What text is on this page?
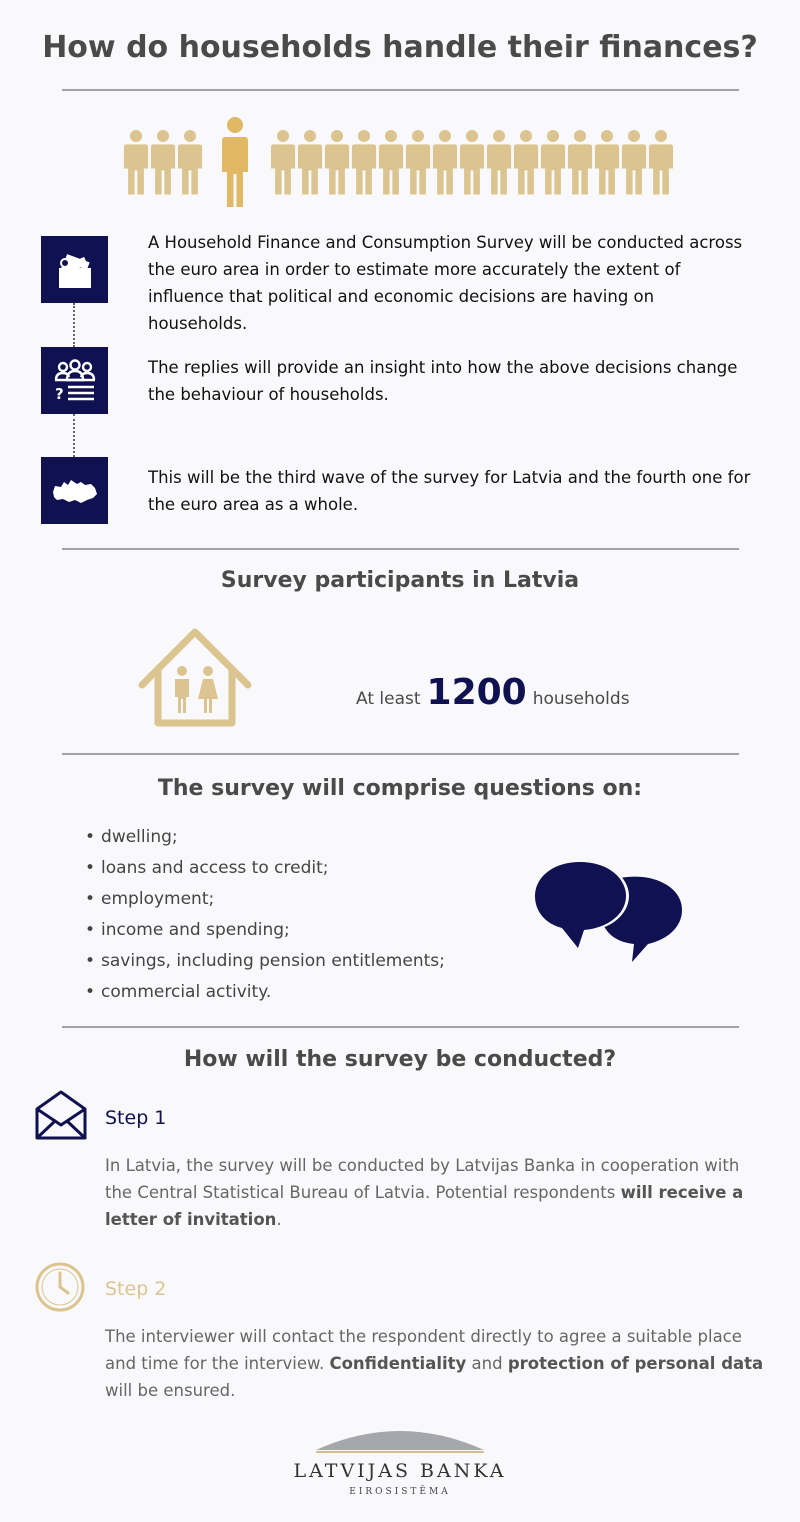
How do households handle their finances?
?
A Household Finance and Consumption Survey will be conducted across the euro area in order to estimate more accurately the extent of influence that political and economic decisions are having on households.
The replies will provide an insight into how the above decisions change the behaviour of households.
This will be the third wave of the survey for Latvia and the fourth one for the euro area as a whole.
Survey participants in Latvia
At least 1200 households
The survey will comprise questions on:
• dwelling;
• loans and access to credit;
• employment;
• income and spending;
• savings, including pension entitlements;
• commercial activity.
How will the survey be conducted?
Step 1
In Latvia, the survey will be conducted by Latvijas Banka in cooperation with the Central Statistical Bureau of Latvia. Potential respondents will receive a letter of invitation.
Step 2
The interviewer will contact the respondent directly to agree a suitable place and time for the interview. Confidentiality and protection of personal data will be ensured.
LATVIJAS BANKA
EIROSISTĒMA
